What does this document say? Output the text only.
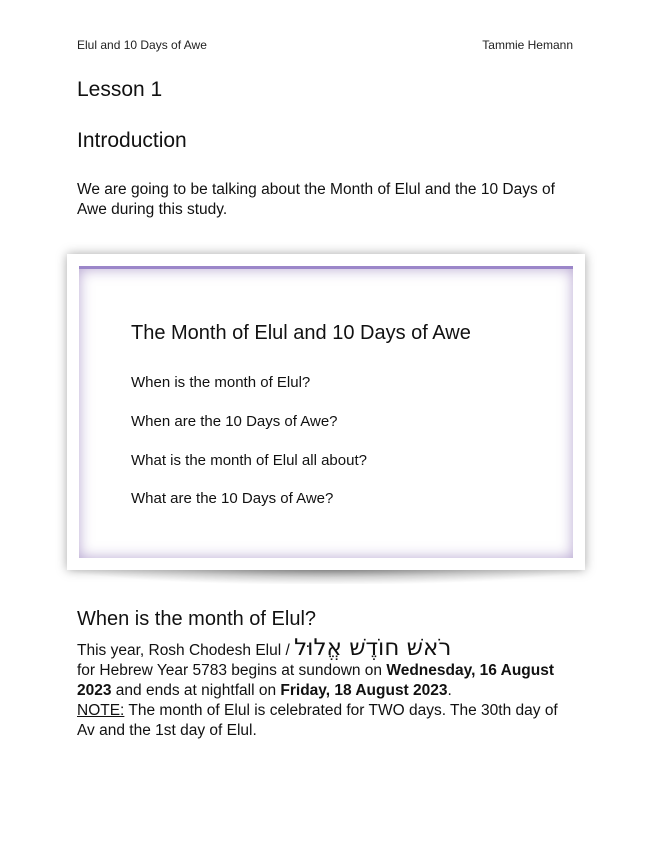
Elul and 10 Days of Awe	Tammie Hemann
Lesson 1
Introduction

We are going to be talking about the Month of Elul and the 10 Days of Awe during this study.

The Month of Elul and 10 Days of Awe

When is the month of Elul?

When are the 10 Days of Awe?

What is the month of Elul all about?

What are the 10 Days of Awe?

When is the month of Elul?

This year, Rosh Chodesh Elul / רֹאשׁ חוֹדֶשׁ אֱלוּל
for Hebrew Year 5783 begins at sundown on Wednesday, 16 August 2023 and ends at nightfall on Friday, 18 August 2023.
NOTE: The month of Elul is celebrated for TWO days. The 30th day of Av and the 1st day of Elul.
